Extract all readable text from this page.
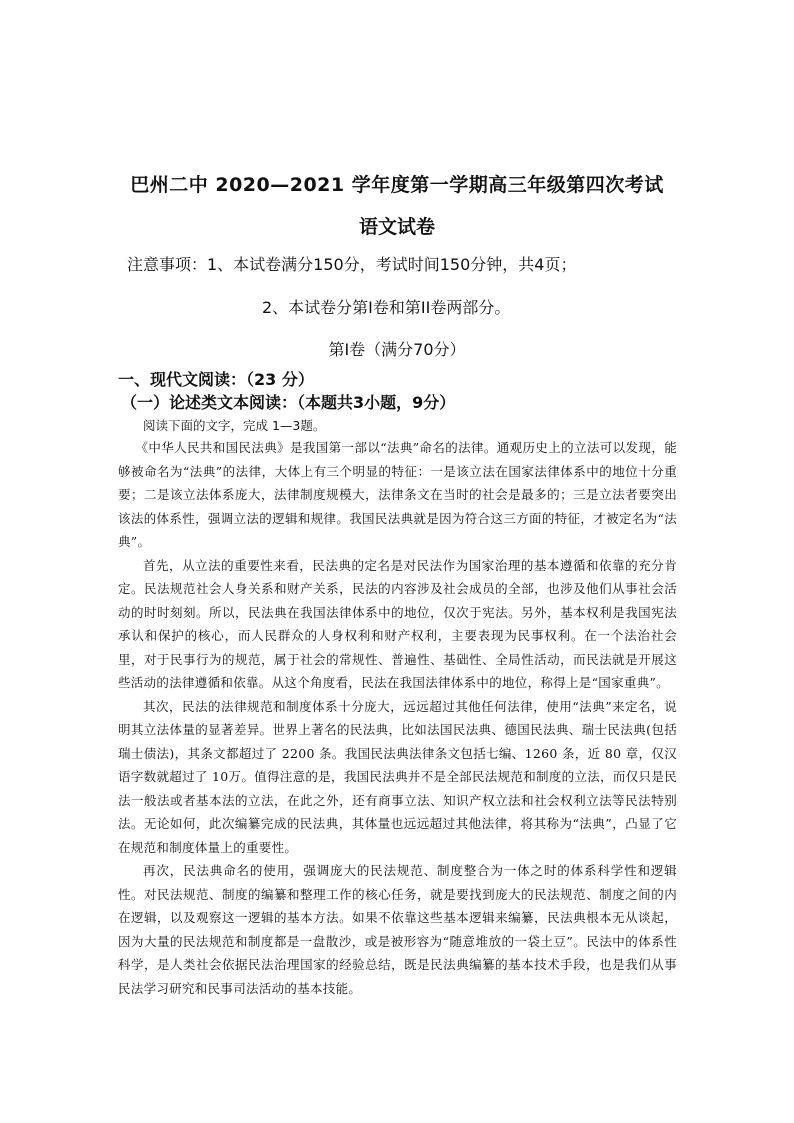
巴州二中 2020—2021 学年度第一学期高三年级第四次考试
语文试卷

注意事项：1、本试卷满分150分，考试时间150分钟，共4页；

2、本试卷分第I卷和第II卷两部分。

第Ⅰ卷（满分70分）

一、现代文阅读：（23 分）
（一）论述类文本阅读：（本题共3小题，9分）

阅读下面的文字，完成 1—3题。

《中华人民共和国民法典》是我国第一部以“法典”命名的法律。通观历史上的立法可以发现，能够被命名为“法典”的法律，大体上有三个明显的特征：一是该立法在国家法律体系中的地位十分重要；二是该立法体系庞大，法律制度规模大，法律条文在当时的社会是最多的；三是立法者要突出该法的体系性，强调立法的逻辑和规律。我国民法典就是因为符合这三方面的特征，才被定名为“法典”。

首先，从立法的重要性来看，民法典的定名是对民法作为国家治理的基本遵循和依靠的充分肯定。民法规范社会人身关系和财产关系，民法的内容涉及社会成员的全部，也涉及他们从事社会活动的时时刻刻。所以，民法典在我国法律体系中的地位，仅次于宪法。另外，基本权利是我国宪法承认和保护的核心，而人民群众的人身权利和财产权利，主要表现为民事权利。在一个法治社会里，对于民事行为的规范，属于社会的常规性、普遍性、基础性、全局性活动，而民法就是开展这些活动的法律遵循和依靠。从这个角度看，民法在我国法律体系中的地位，称得上是“国家重典”。

其次，民法的法律规范和制度体系十分庞大，远远超过其他任何法律，使用“法典”来定名，说明其立法体量的显著差异。世界上著名的民法典，比如法国民法典、德国民法典、瑞士民法典(包括瑞士债法)，其条文都超过了 2200 条。我国民法典法律条文包括七编、1260 条，近 80 章，仅汉语字数就超过了 10万。值得注意的是，我国民法典并不是全部民法规范和制度的立法，而仅只是民法一般法或者基本法的立法，在此之外，还有商事立法、知识产权立法和社会权利立法等民法特别法。无论如何，此次编纂完成的民法典，其体量也远远超过其他法律，将其称为“法典”，凸显了它在规范和制度体量上的重要性。

再次，民法典命名的使用，强调庞大的民法规范、制度整合为一体之时的体系科学性和逻辑性。对民法规范、制度的编纂和整理工作的核心任务，就是要找到庞大的民法规范、制度之间的内在逻辑，以及观察这一逻辑的基本方法。如果不依靠这些基本逻辑来编纂，民法典根本无从谈起，因为大量的民法规范和制度都是一盘散沙，或是被形容为“随意堆放的一袋土豆”。民法中的体系性科学，是人类社会依据民法治理国家的经验总结，既是民法典编纂的基本技术手段，也是我们从事民法学习研究和民事司法活动的基本技能。
